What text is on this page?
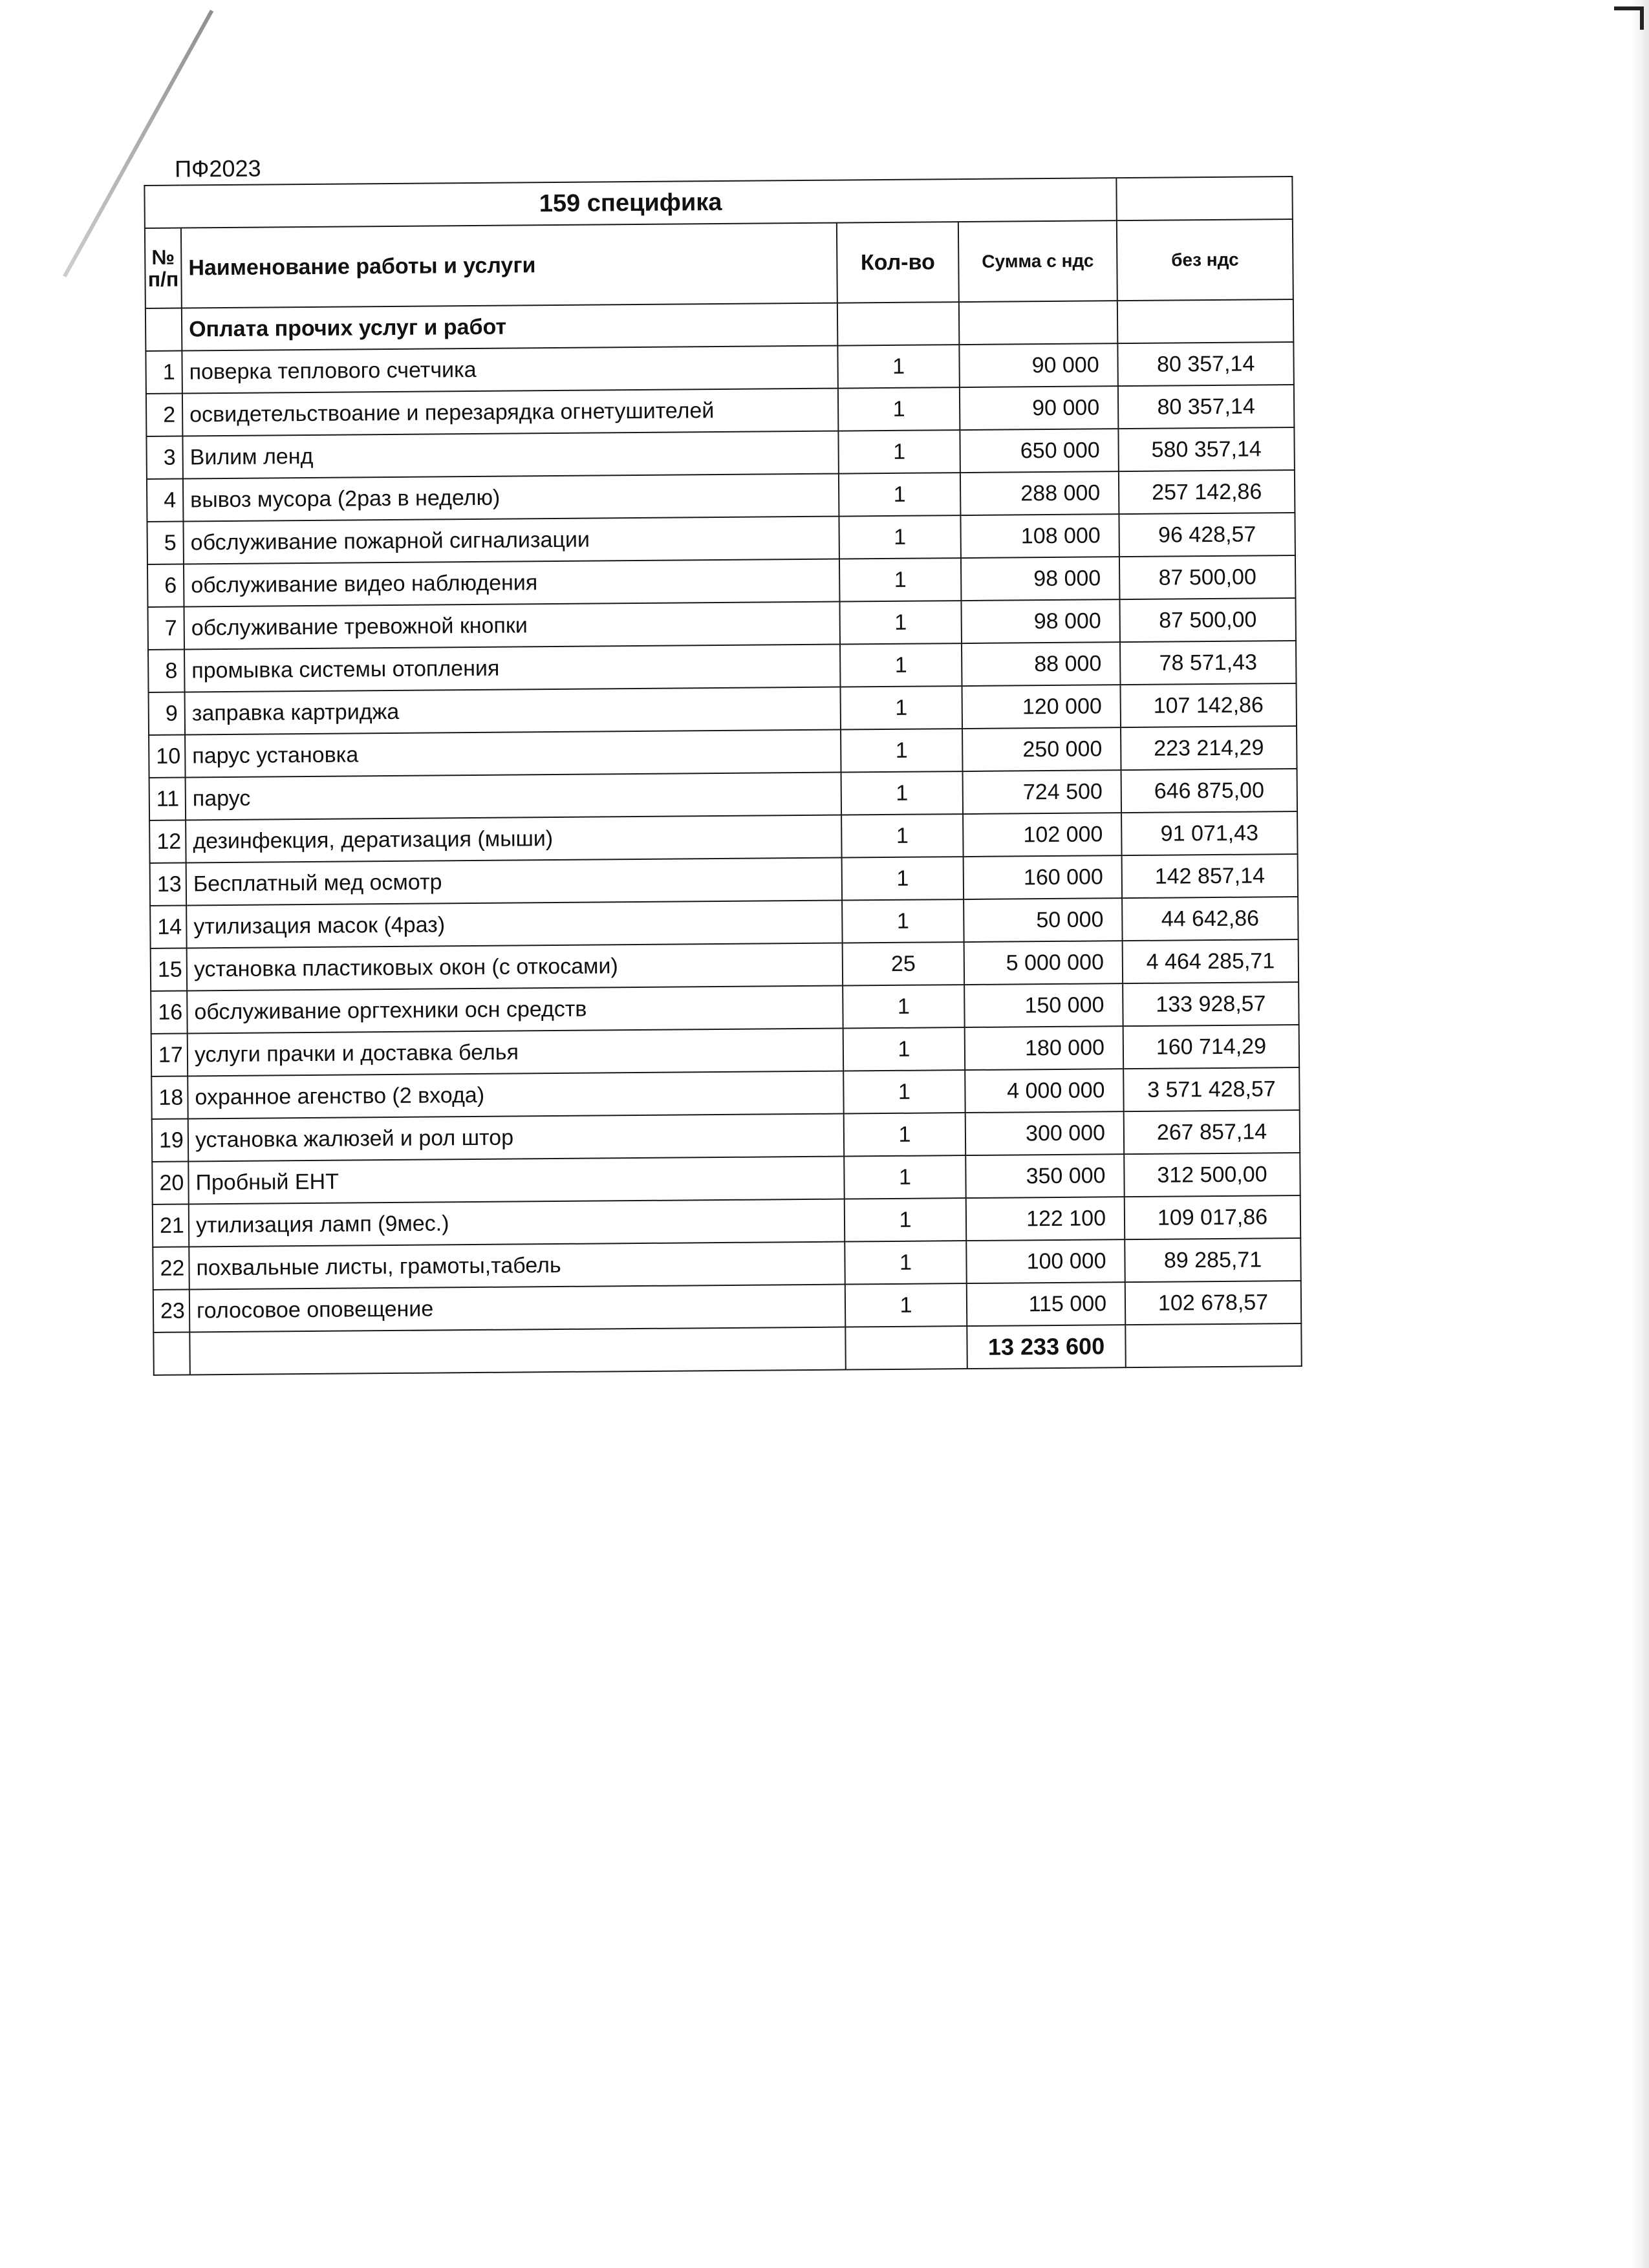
ПФ2023
159 специфика				
№ п/п	Наименование работы и услуги	Кол-во	Сумма с ндс	без ндс
	Оплата прочих услуг и работ			
1	поверка теплового счетчика	1	90 000	80 357,14
2	освидетельствоание и перезарядка огнетушителей	1	90 000	80 357,14
3	Вилим ленд	1	650 000	580 357,14
4	вывоз мусора (2раз в неделю)	1	288 000	257 142,86
5	обслуживание пожарной сигнализации	1	108 000	96 428,57
6	обслуживание видео наблюдения	1	98 000	87 500,00
7	обслуживание тревожной кнопки	1	98 000	87 500,00
8	промывка системы отопления	1	88 000	78 571,43
9	заправка картриджа	1	120 000	107 142,86
10	парус установка	1	250 000	223 214,29
11	парус	1	724 500	646 875,00
12	дезинфекция, дератизация (мыши)	1	102 000	91 071,43
13	Бесплатный мед осмотр	1	160 000	142 857,14
14	утилизация масок (4раз)	1	50 000	44 642,86
15	установка пластиковых окон (с откосами)	25	5 000 000	4 464 285,71
16	обслуживание оргтехники осн средств	1	150 000	133 928,57
17	услуги прачки и доставка белья	1	180 000	160 714,29
18	охранное агенство (2 входа)	1	4 000 000	3 571 428,57
19	установка жалюзей и рол штор	1	300 000	267 857,14
20	Пробный ЕНТ	1	350 000	312 500,00
21	утилизация ламп (9мес.)	1	122 100	109 017,86
22	похвальные листы, грамоты,табель	1	100 000	89 285,71
23	голосовое оповещение	1	115 000	102 678,57
			13 233 600	
